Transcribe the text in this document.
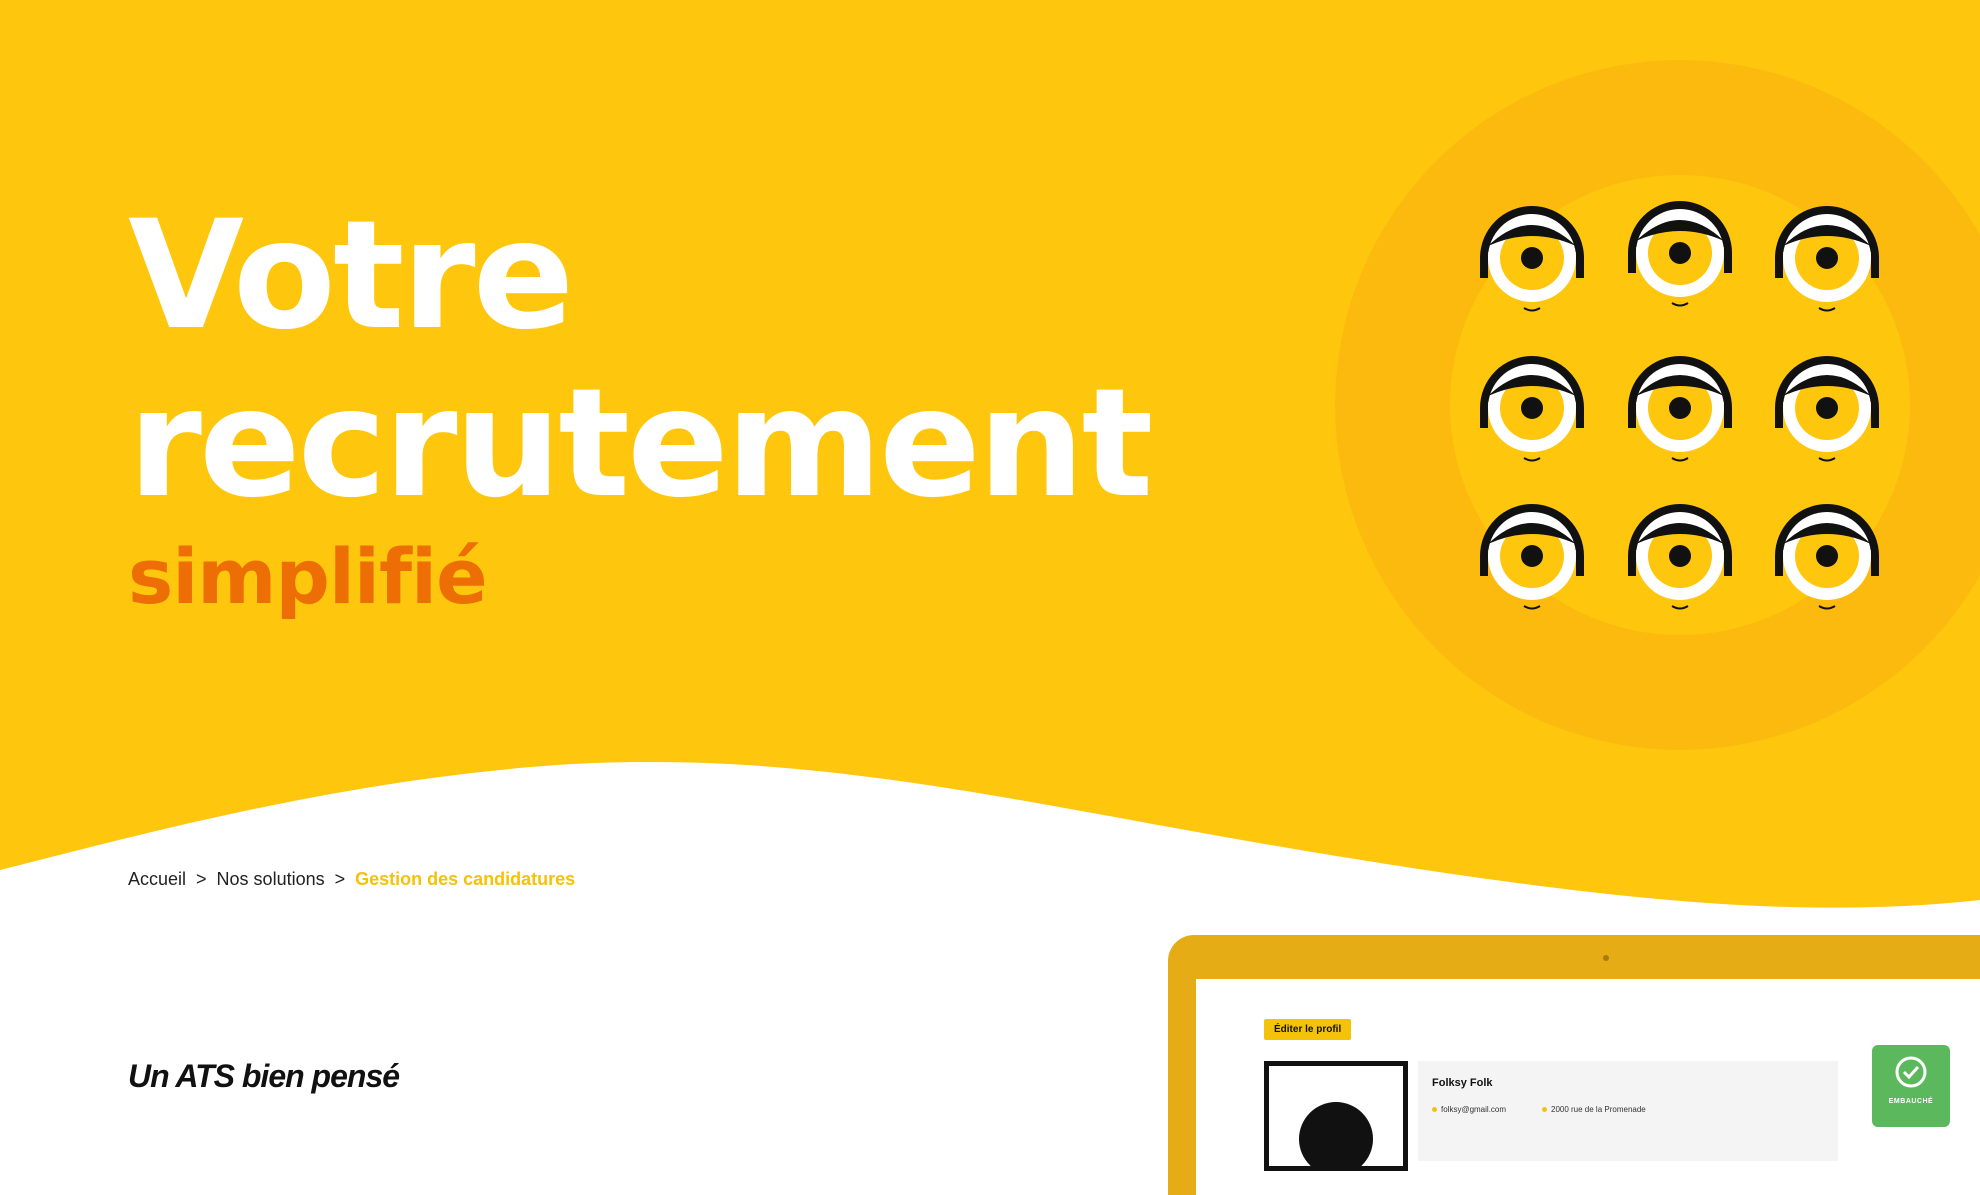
Votre
recrutement
simplifié
Accueil > Nos solutions > Gestion des candidatures
Un ATS bien pensé
Éditer le profil
Folksy Folk
folksy@gmail.com	2000 rue de la Promenade
EMBAUCHÉ
